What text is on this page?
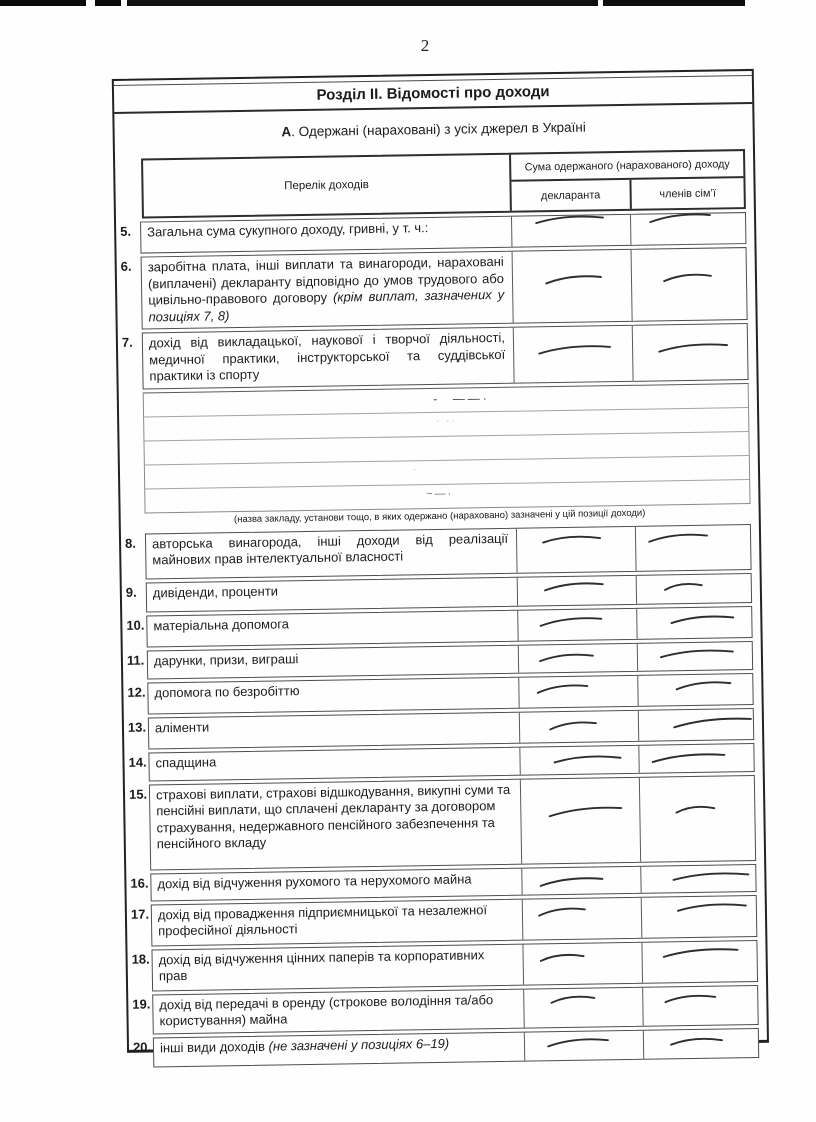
2
Розділ II. Відомості про доходи
А. Одержані (нараховані) з усіх джерел в Україні
Перелік доходів
Сума одержаного (нарахованого) доходу
декларанта	членів сім’ї
5.	Загальна сума сукупного доходу, гривні, у т. ч.:
6.	заробітна плата, інші виплати та винагороди, нараховані (виплачені) декларанту відповідно до умов трудового або цивільно-правового договору (крім виплат, зазначених у позиціях 7, 8)
7.	дохід від викладацької, наукової і творчої діяльності, медичної практики, інструкторської та суддівської практики із спорту
-  ——·
· ··
·
~—·
(назва закладу, установи тощо, в яких одержано (нараховано) зазначені у цій позиції доходи)
8.	авторська винагорода, інші доходи від реалізації майнових прав інтелектуальної власності
9.	дивіденди, проценти
10. матеріальна допомога
11. дарунки, призи, виграші
12. допомога по безробіттю
13. аліменти
14. спадщина
15. страхові виплати, страхові відшкодування, викупні суми та пенсійні виплати, що сплачені декларанту за договором страхування, недержавного пенсійного забезпечення та пенсійного вкладу
16. дохід від відчуження рухомого та нерухомого майна
17. дохід від провадження підприємницької та незалежної професійної діяльності
18. дохід від відчуження цінних паперів та корпоративних прав
19. дохід від передачі в оренду (строкове володіння та/або користування) майна
20. інші види доходів (не зазначені у позиціях 6–19)
